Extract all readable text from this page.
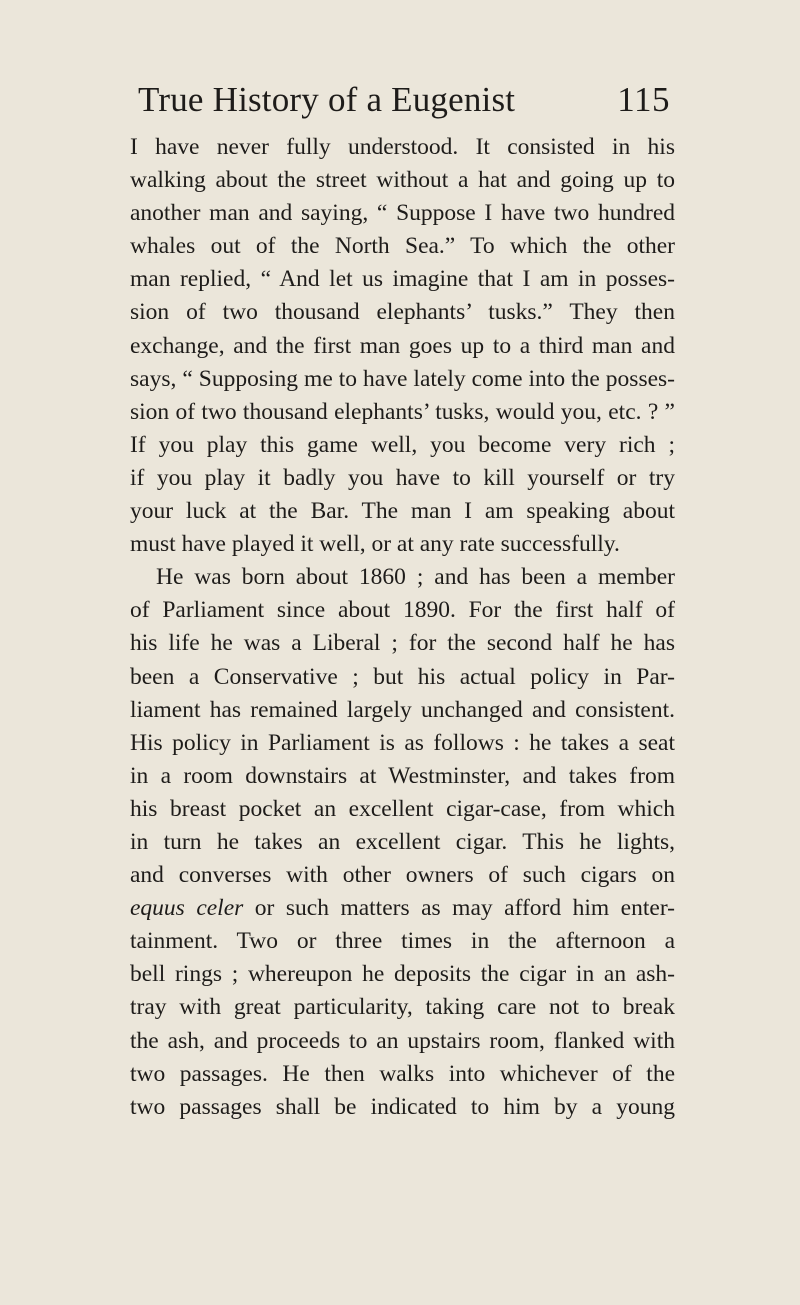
True History of a Eugenist	115
I have never fully understood. It consisted in his
walking about the street without a hat and going up to
another man and saying, “ Suppose I have two hundred
whales out of the North Sea.” To which the other
man replied, “ And let us imagine that I am in posses-
sion of two thousand elephants’ tusks.” They then
exchange, and the first man goes up to a third man and
says, “ Supposing me to have lately come into the posses-
sion of two thousand elephants’ tusks, would you, etc. ? ”
If you play this game well, you become very rich ;
if you play it badly you have to kill yourself or try
your luck at the Bar. The man I am speaking about
must have played it well, or at any rate successfully.
He was born about 1860 ; and has been a member
of Parliament since about 1890. For the first half of
his life he was a Liberal ; for the second half he has
been a Conservative ; but his actual policy in Par-
liament has remained largely unchanged and consistent.
His policy in Parliament is as follows : he takes a seat
in a room downstairs at Westminster, and takes from
his breast pocket an excellent cigar-case, from which
in turn he takes an excellent cigar. This he lights,
and converses with other owners of such cigars on
equus celer or such matters as may afford him enter-
tainment. Two or three times in the afternoon a
bell rings ; whereupon he deposits the cigar in an ash-
tray with great particularity, taking care not to break
the ash, and proceeds to an upstairs room, flanked with
two passages. He then walks into whichever of the
two passages shall be indicated to him by a young
